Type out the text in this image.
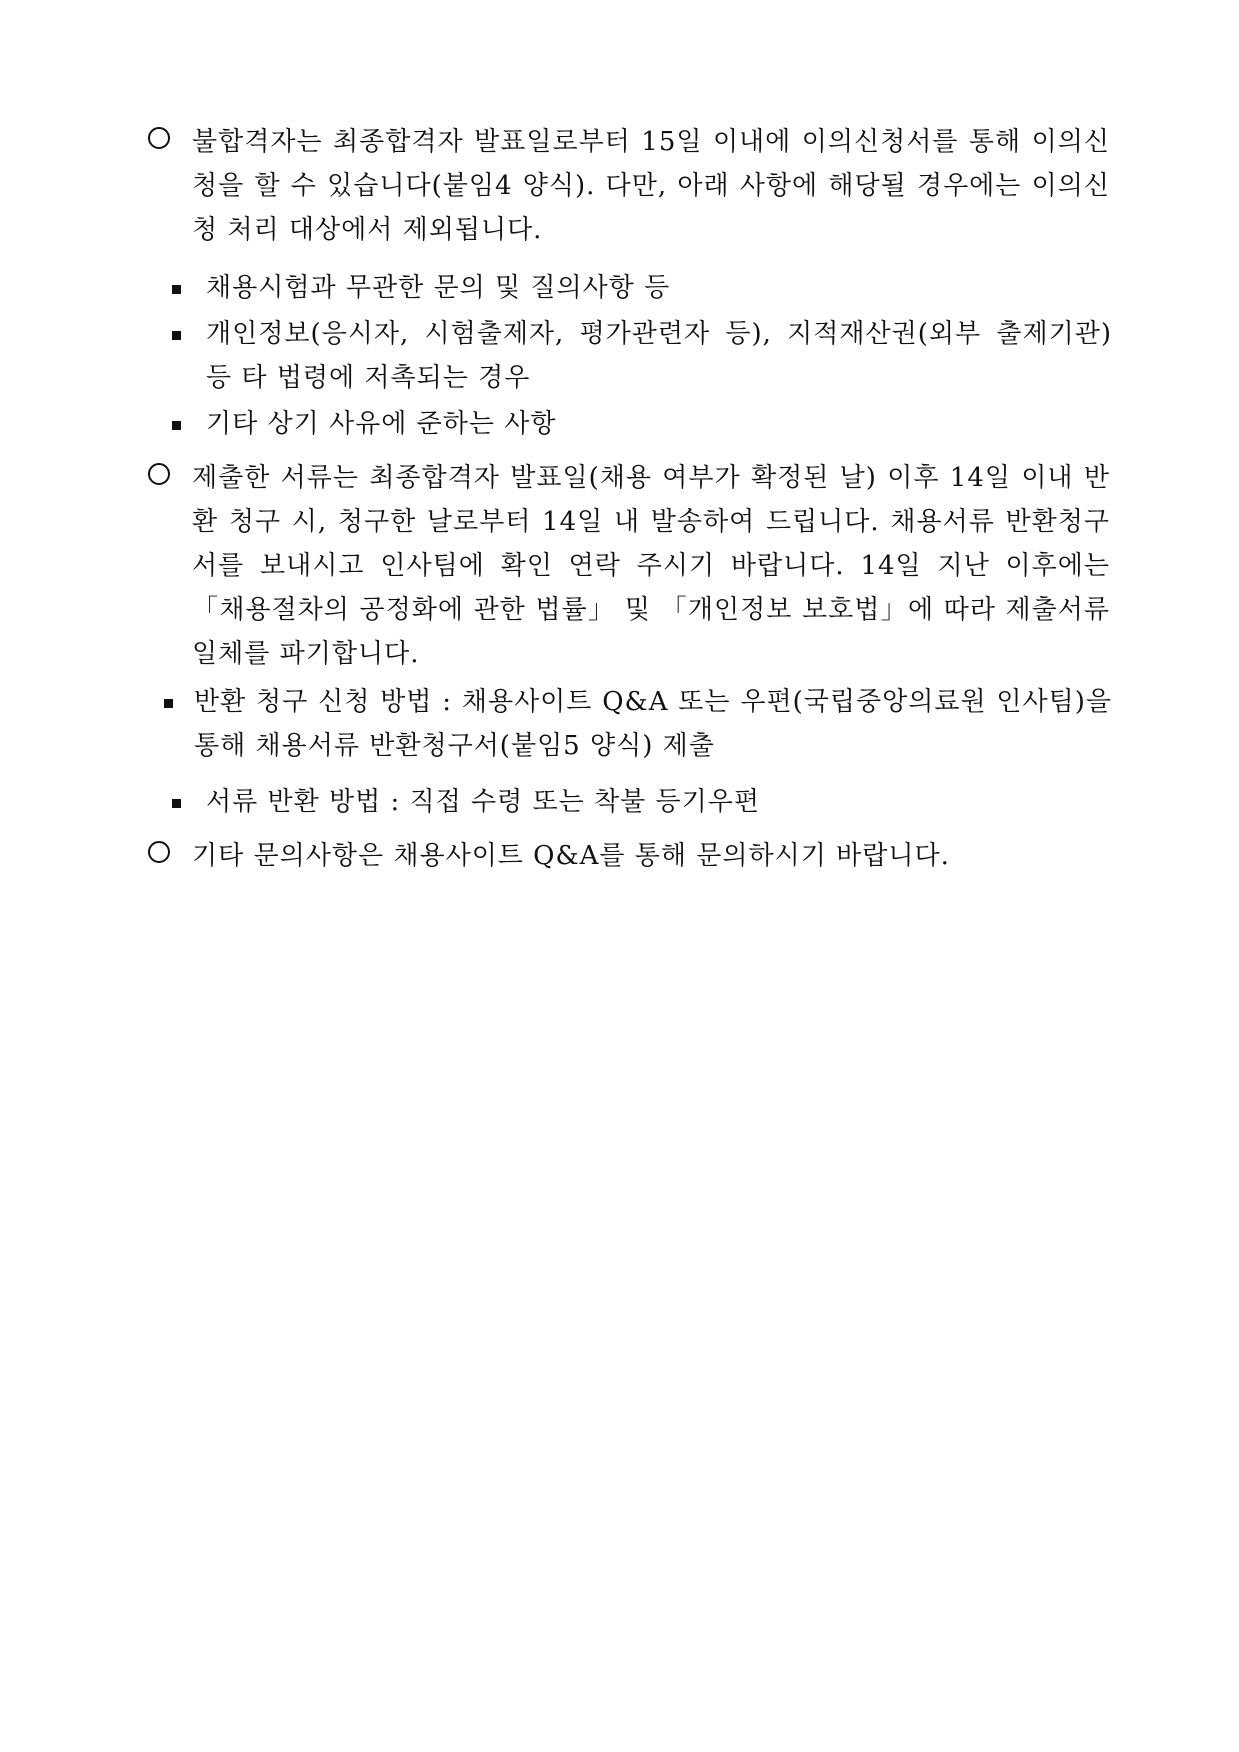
불합격자는 최종합격자 발표일로부터 15일 이내에 이의신청서를 통해 이의신청을 할 수 있습니다(붙임4 양식). 다만, 아래 사항에 해당될 경우에는 이의신청 처리 대상에서 제외됩니다.
채용시험과 무관한 문의 및 질의사항 등
개인정보(응시자, 시험출제자, 평가관련자 등), 지적재산권(외부 출제기관) 등 타 법령에 저촉되는 경우
기타 상기 사유에 준하는 사항
제출한 서류는 최종합격자 발표일(채용 여부가 확정된 날) 이후 14일 이내 반환 청구 시, 청구한 날로부터 14일 내 발송하여 드립니다. 채용서류 반환청구서를 보내시고 인사팀에 확인 연락 주시기 바랍니다. 14일 지난 이후에는 「채용절차의 공정화에 관한 법률」 및 「개인정보 보호법」에 따라 제출서류 일체를 파기합니다.
반환 청구 신청 방법 : 채용사이트 Q&A 또는 우편(국립중앙의료원 인사팀)을 통해 채용서류 반환청구서(붙임5 양식) 제출
서류 반환 방법 : 직접 수령 또는 착불 등기우편
기타 문의사항은 채용사이트 Q&A를 통해 문의하시기 바랍니다.
